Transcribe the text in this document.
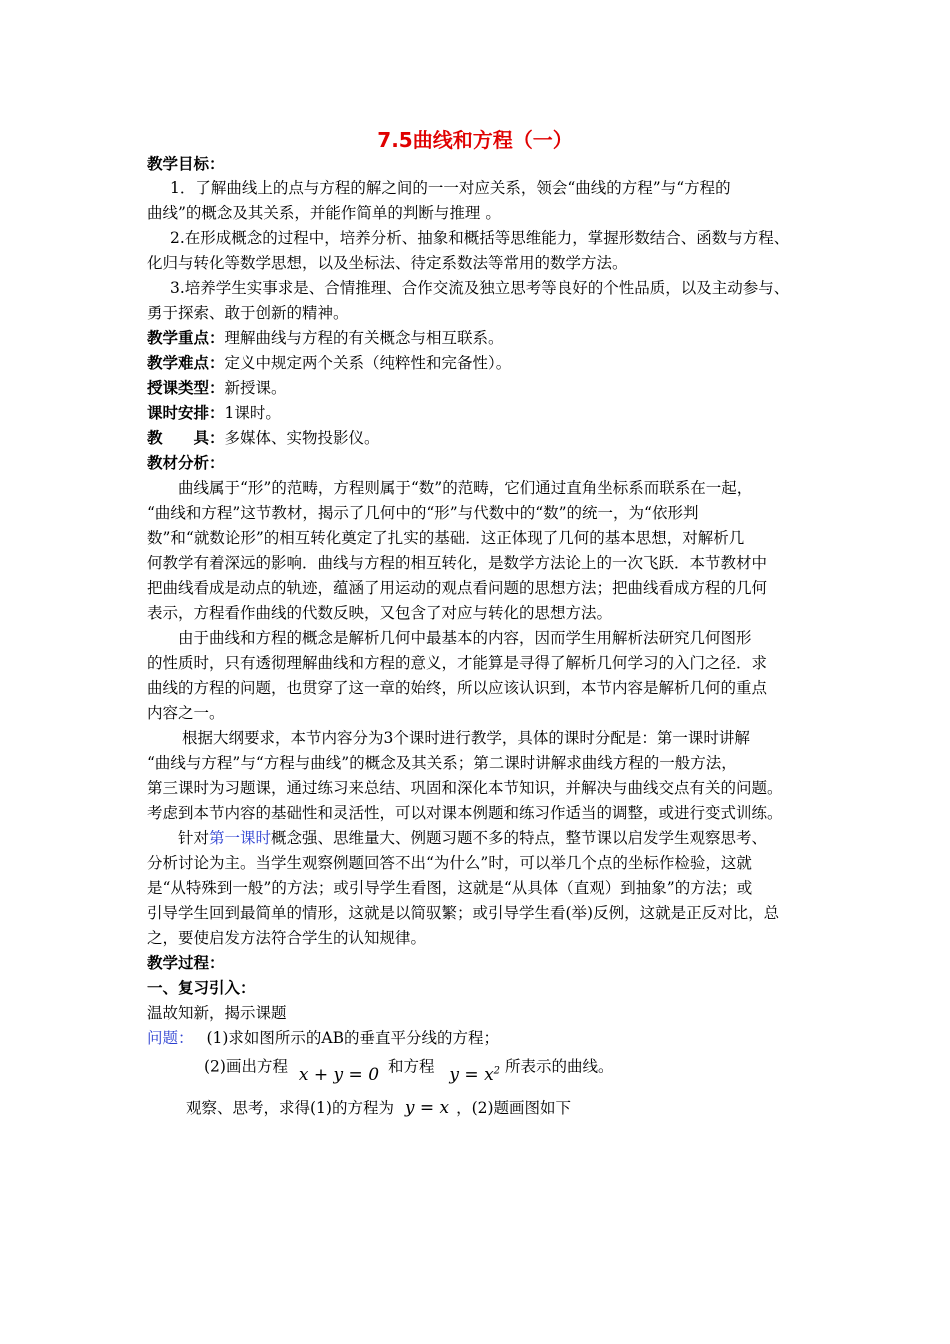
7.5曲线和方程（一）
教学目标：
1．了解曲线上的点与方程的解之间的一一对应关系，领会“曲线的方程”与“方程的
曲线”的概念及其关系，并能作简单的判断与推理 。
2.在形成概念的过程中，培养分析、抽象和概括等思维能力，掌握形数结合、函数与方程、
化归与转化等数学思想，以及坐标法、待定系数法等常用的数学方法。
3.培养学生实事求是、合情推理、合作交流及独立思考等良好的个性品质，以及主动参与、
勇于探索、敢于创新的精神。
教学重点：理解曲线与方程的有关概念与相互联系。
教学难点：定义中规定两个关系（纯粹性和完备性）。
授课类型：新授课。
课时安排：1课时。
教　　具：多媒体、实物投影仪。
教材分析：
曲线属于“形”的范畴，方程则属于“数”的范畴，它们通过直角坐标系而联系在一起，
“曲线和方程”这节教材，揭示了几何中的“形”与代数中的“数”的统一，为“依形判
数”和“就数论形”的相互转化奠定了扎实的基础．这正体现了几何的基本思想，对解析几
何教学有着深远的影响．曲线与方程的相互转化，是数学方法论上的一次飞跃．本节教材中
把曲线看成是动点的轨迹，蕴涵了用运动的观点看问题的思想方法；把曲线看成方程的几何
表示，方程看作曲线的代数反映，又包含了对应与转化的思想方法。
由于曲线和方程的概念是解析几何中最基本的内容，因而学生用解析法研究几何图形
的性质时，只有透彻理解曲线和方程的意义，才能算是寻得了解析几何学习的入门之径．求
曲线的方程的问题，也贯穿了这一章的始终，所以应该认识到，本节内容是解析几何的重点
内容之一。
根据大纲要求，本节内容分为3个课时进行教学，具体的课时分配是：第一课时讲解
“曲线与方程”与“方程与曲线”的概念及其关系；第二课时讲解求曲线方程的一般方法，
第三课时为习题课，通过练习来总结、巩固和深化本节知识，并解决与曲线交点有关的问题。
考虑到本节内容的基础性和灵活性，可以对课本例题和练习作适当的调整，或进行变式训练。
针对第一课时概念强、思维量大、例题习题不多的特点，整节课以启发学生观察思考、
分析讨论为主。当学生观察例题回答不出“为什么”时，可以举几个点的坐标作检验，这就
是“从特殊到一般”的方法；或引导学生看图，这就是“从具体（直观）到抽象”的方法；或
引导学生回到最简单的情形，这就是以简驭繁；或引导学生看(举)反例，这就是正反对比，总
之，要使启发方法符合学生的认知规律。
教学过程：
一、复习引入：
温故知新，揭示课题
问题： (1)求如图所示的AB的垂直平分线的方程；
(2)画出方程 x + y = 0 和方程 $y = x^2$ 所表示的曲线。
观察、思考，求得(1)的方程为 y = x ，(2)题画图如下
